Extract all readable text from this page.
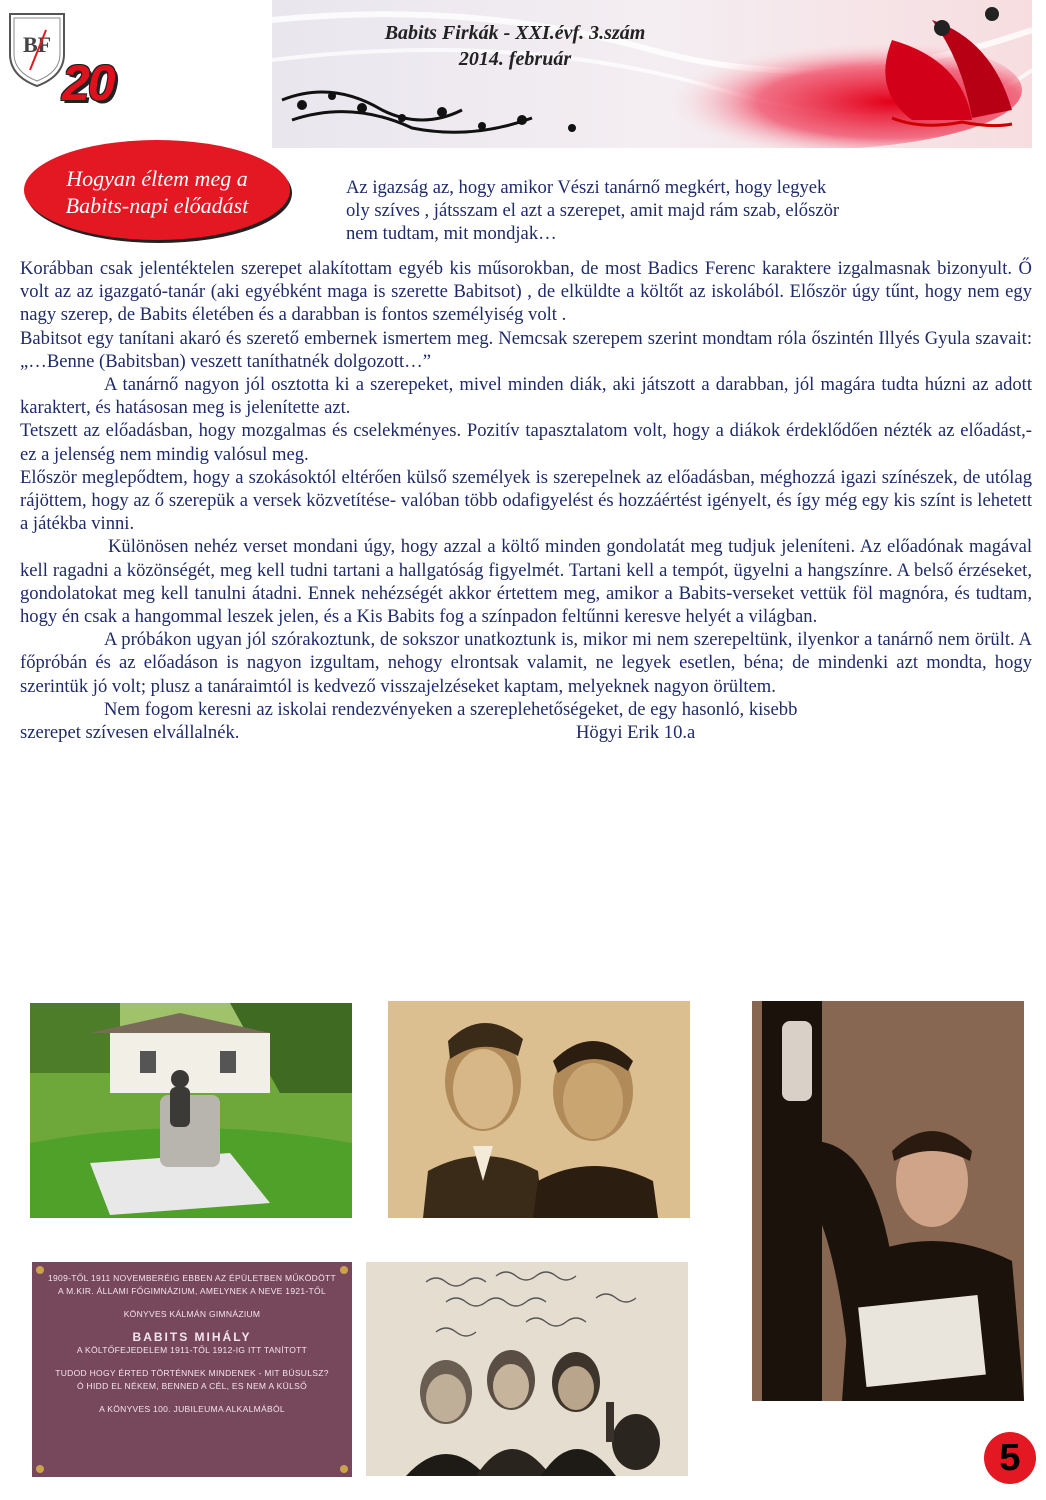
BF
20
Babits Firkák - XXI.évf. 3.szám
2014. február
Hogyan éltem meg a
Babits-napi előadást
Az igazság az, hogy amikor Vészi tanárnő megkért, hogy legyek
oly szíves , játsszam el azt a szerepet, amit majd rám szab, először
nem tudtam, mit mondjak…

Korábban csak jelentéktelen szerepet alakítottam egyéb kis műsorokban, de most Badics Ferenc karaktere izgalmasnak bizonyult. Ő volt az az igazgató-tanár (aki egyébként maga is szerette Babitsot) , de elküldte a költőt az iskolából. Először úgy tűnt, hogy nem egy nagy szerep, de Babits életében és a darabban is fontos személyiség volt .

Babitsot egy tanítani akaró és szerető embernek ismertem meg. Nemcsak szerepem szerint mondtam róla őszintén Illyés Gyula szavait: „…Benne (Babitsban) veszett taníthatnék dolgozott…”

A tanárnő nagyon jól osztotta ki a szerepeket, mivel minden diák, aki játszott a darabban, jól magára tudta húzni az adott karaktert, és hatásosan meg is jelenítette azt.

Tetszett az előadásban, hogy mozgalmas és cselekményes. Pozitív tapasztalatom volt, hogy a diákok érdeklődően nézték az előadást,- ez a jelenség nem mindig valósul meg.

Először meglepődtem, hogy a szokásoktól eltérően külső személyek is szerepelnek az előadásban, méghozzá igazi színészek, de utólag rájöttem, hogy az ő szerepük a versek közvetítése- valóban több odafigyelést és hozzáértést igényelt, és így még egy kis színt is lehetett a játékba vinni.

Különösen nehéz verset mondani úgy, hogy azzal a költő minden gondolatát meg tudjuk jeleníteni. Az előadónak magával kell ragadni a közönségét, meg kell tudni tartani a hallgatóság figyelmét. Tartani kell a tempót, ügyelni a hangszínre. A belső érzéseket, gondolatokat meg kell tanulni átadni. Ennek nehézségét akkor értettem meg, amikor a Babits-verseket vettük föl magnóra, és tudtam, hogy én csak a hangommal leszek jelen, és a Kis Babits fog a színpadon feltűnni keresve helyét a világban.

A próbákon ugyan jól szórakoztunk, de sokszor unatkoztunk is, mikor mi nem szerepeltünk, ilyenkor a tanárnő nem örült. A főpróbán és az előadáson is nagyon izgultam, nehogy elrontsak valamit, ne legyek esetlen, béna; de mindenki azt mondta, hogy szerintük jó volt; plusz a tanáraimtól is kedvező visszajelzéseket kaptam, melyeknek nagyon örültem.

Nem fogom keresni az iskolai rendezvényeken a szereplehetőségeket, de egy hasonló, kisebb

szerepet szívesen elvállalnék.	Högyi Erik 10.a
1909-TŐL 1911 NOVEMBERÉIG EBBEN AZ ÉPÜLETBEN MŰKÖDÖTT
A M.KIR. ÁLLAMI FŐGIMNÁZIUM, AMELYNEK A NEVE 1921-TŐL
KÖNYVES KÁLMÁN GIMNÁZIUM
BABITS MIHÁLY
A KÖLTŐFEJEDELEM 1911-TŐL 1912-IG ITT TANÍTOTT
TUDOD HOGY ÉRTED TÖRTÉNNEK MINDENEK - MIT BÚSULSZ?
Ó HIDD EL NÉKEM, BENNED A CÉL, ES NEM A KÜLSŐ
A KÖNYVES 100. JUBILEUMA ALKALMÁBÓL
5
